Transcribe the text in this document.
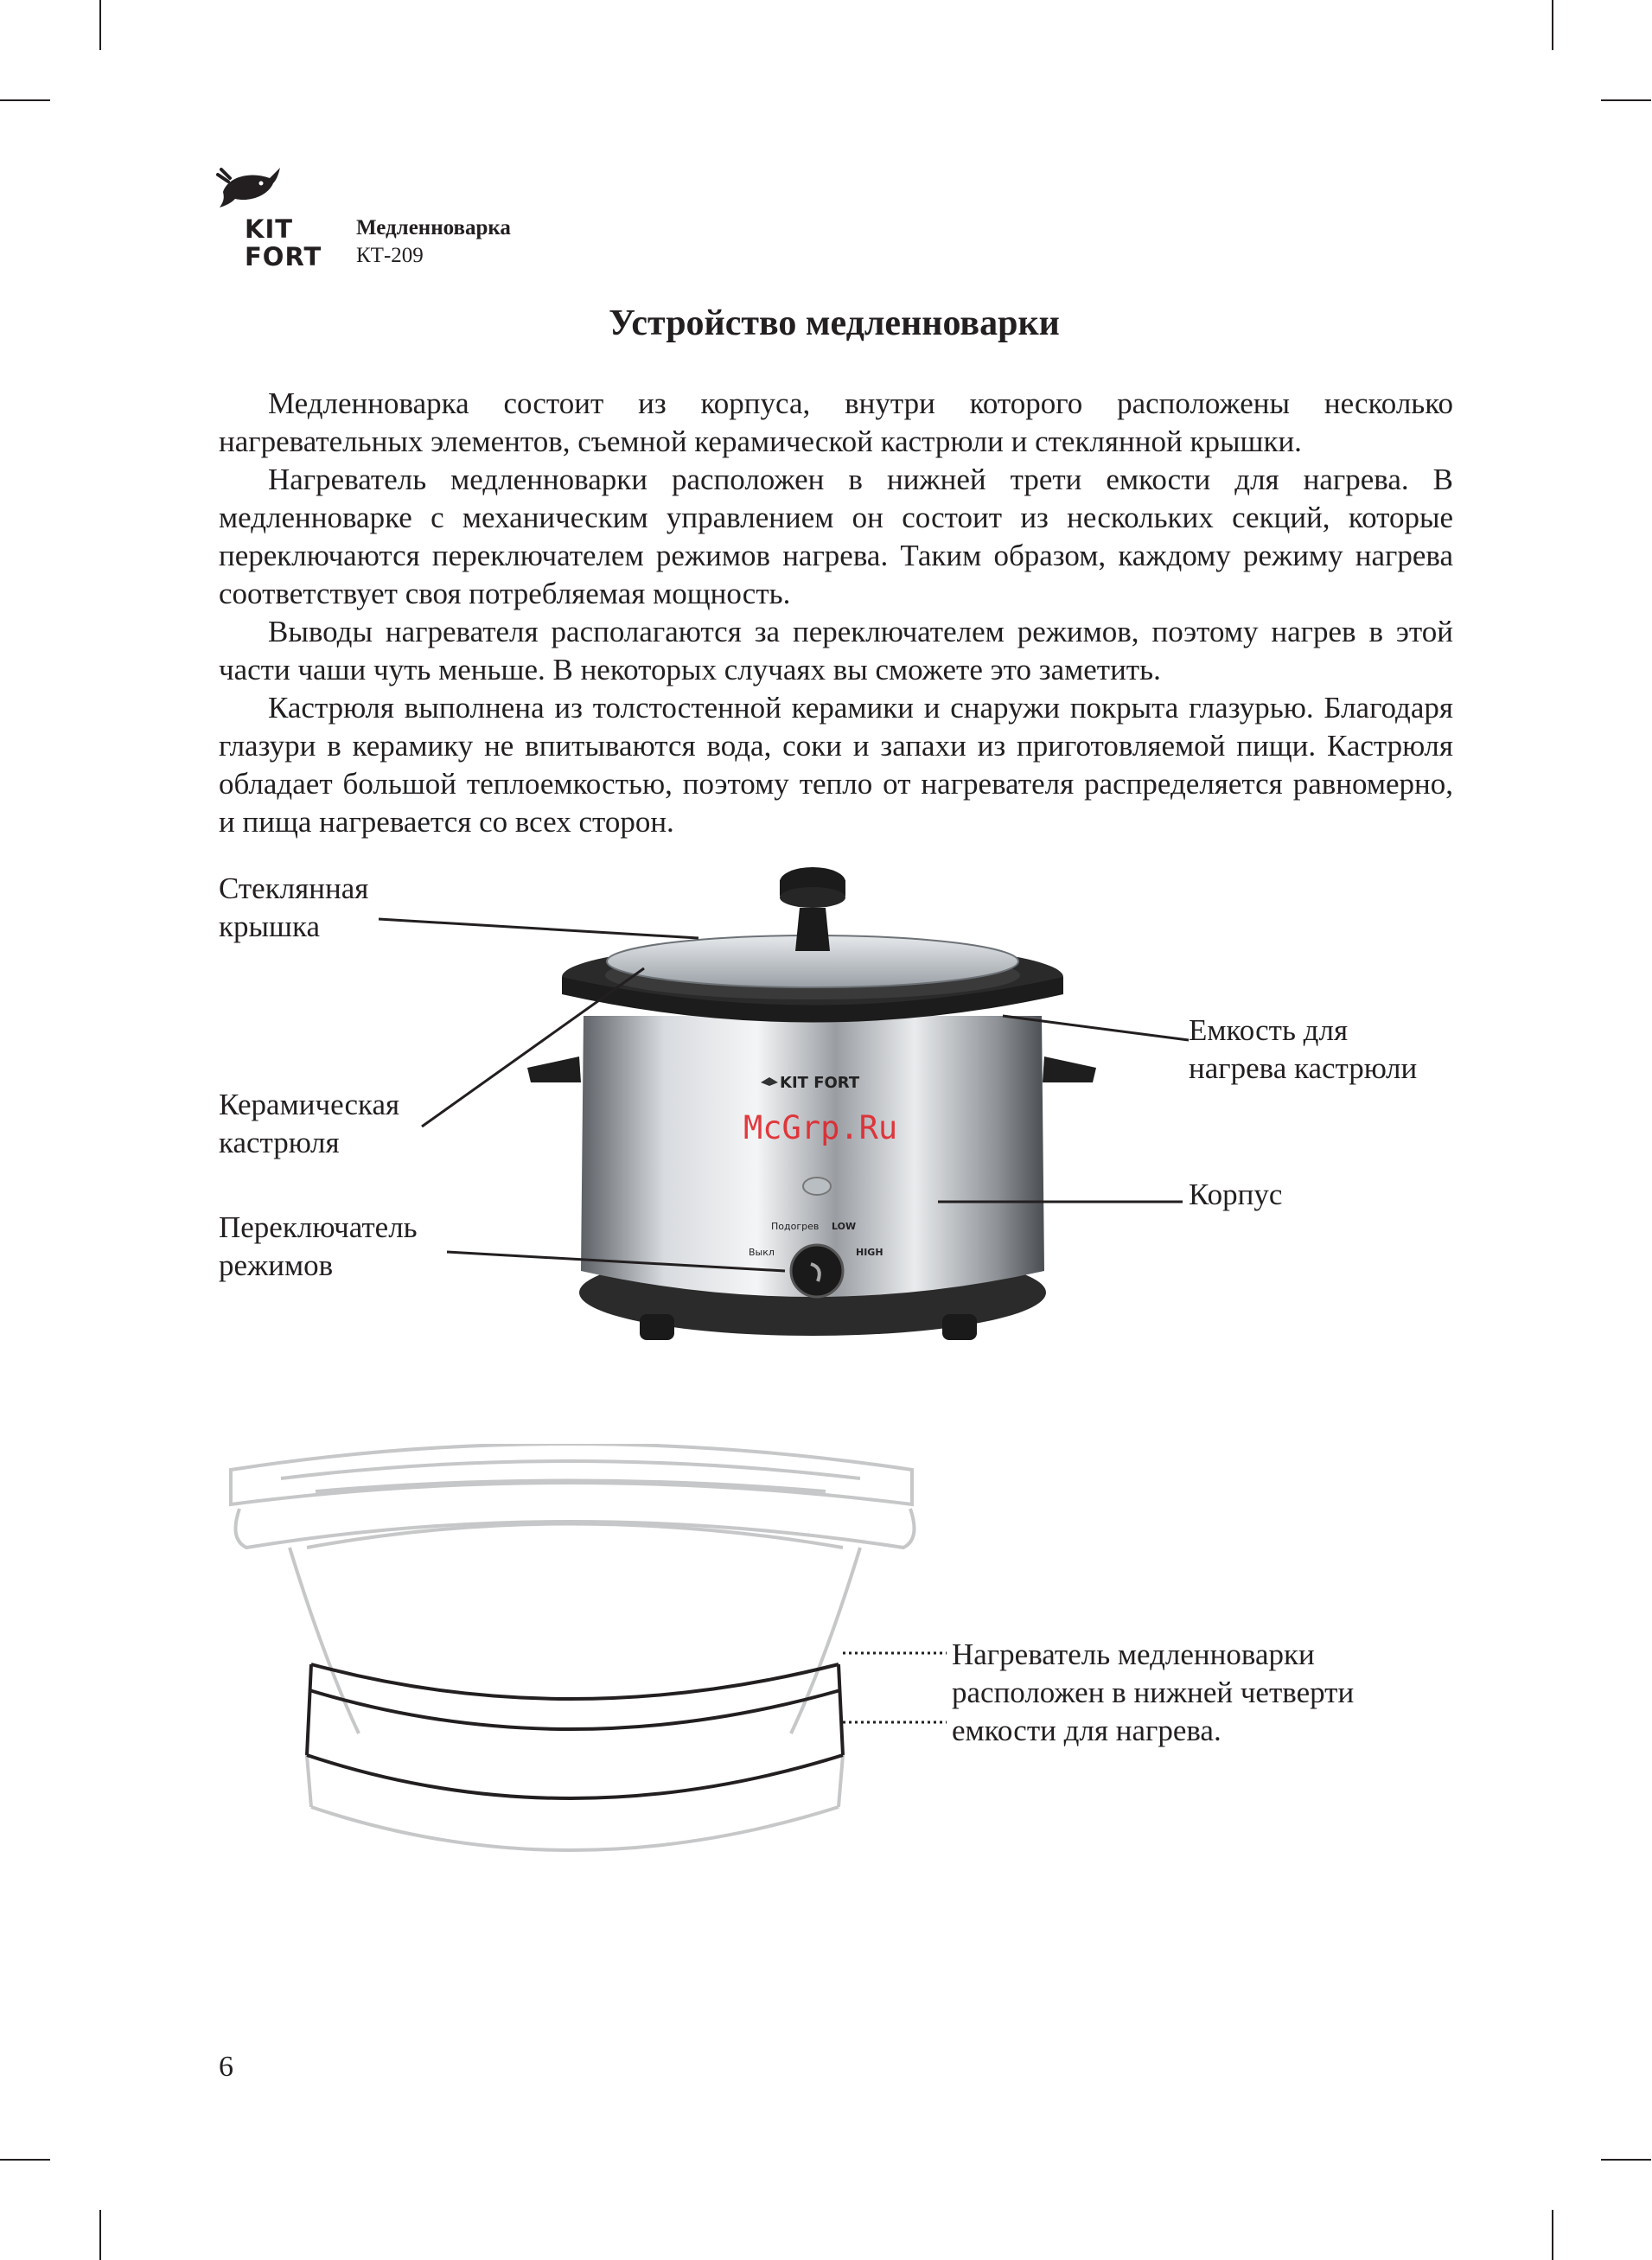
KIT
FORT
Медленноварка
КТ-209
Устройство медленноварки

Медленноварка состоит из корпуса, внутри которого расположены несколько нагревательных элементов, съемной керамической кастрюли и стеклянной крышки.

Нагреватель медленноварки расположен в нижней трети емкости для нагрева. В медленноварке с механическим управлением он состоит из нескольких секций, которые переключаются переключателем режимов нагрева. Таким образом, каждому режиму нагрева соответствует своя потребляемая мощность.

Выводы нагревателя располагаются за переключателем режимов, поэтому нагрев в этой части чаши чуть меньше. В некоторых случаях вы сможете это заметить.

Кастрюля выполнена из толстостенной керамики и снаружи покрыта глазурью. Благодаря глазури в керамику не впитываются вода, соки и запахи из приготовляемой пищи. Кастрюля обладает большой теплоемкостью, поэтому тепло от нагревателя распределяется равномерно, и пища нагревается со всех сторон.

KIT FORT
Подогрев LOW
Выкл	HIGH
McGrp.Ru
Стеклянная
крышка
Керамическая
кастрюля
Переключатель
режимов
Емкость для
нагрева кастрюли
Корпус
Нагреватель медленноварки
расположен в нижней четверти
емкости для нагрева.
6
